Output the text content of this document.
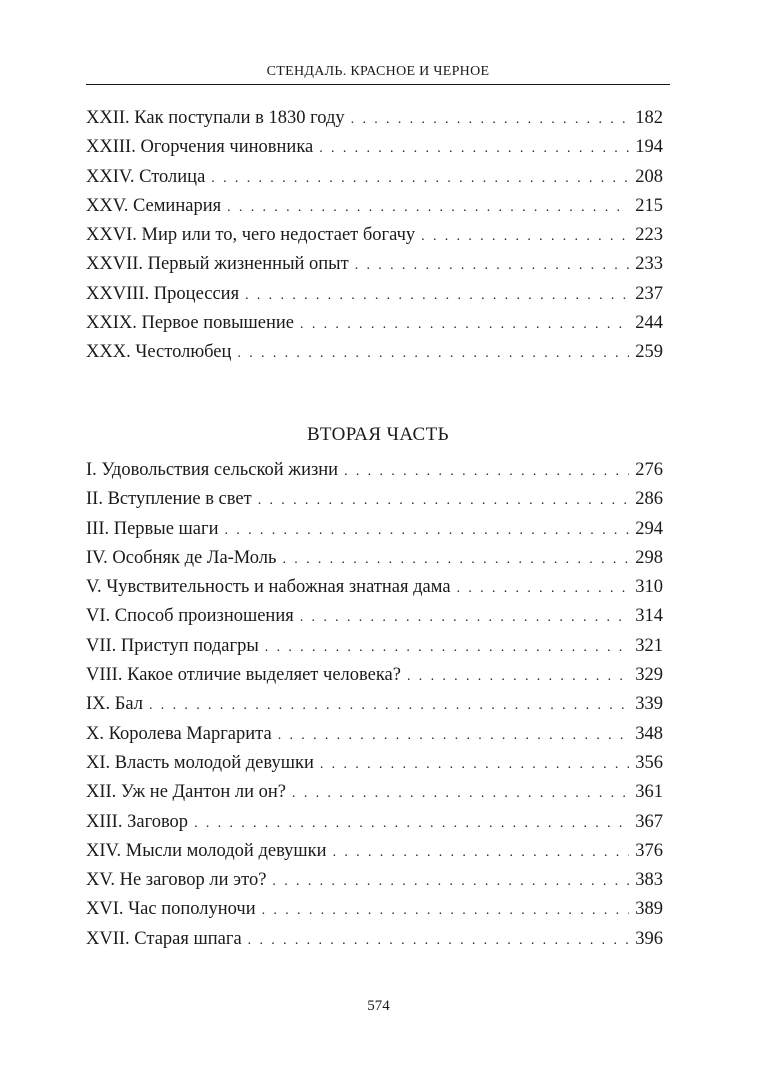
СТЕНДАЛЬ. КРАСНОЕ И ЧЕРНОЕ
XXII. Как поступали в 1830 году . . .	182
XXIII. Огорчения чиновника . . .	194
XXIV. Столица . . .	208
XXV. Семинария . . .	215
XXVI. Мир или то, чего недостает богачу . . .	223
XXVII. Первый жизненный опыт . . .	233
XXVIII. Процессия . . .	237
XXIX. Первое повышение . . .	244
XXX. Честолюбец . . .	259
ВТОРАЯ ЧАСТЬ
I. Удовольствия сельской жизни . . .	276
II. Вступление в свет . . .	286
III. Первые шаги . . .	294
IV. Особняк де Ла-Моль . . .	298
V. Чувствительность и набожная знатная дама . . .	310
VI. Способ произношения . . .	314
VII. Приступ подагры . . .	321
VIII. Какое отличие выделяет человека? . . .	329
IX. Бал . . .	339
X. Королева Маргарита . . .	348
XI. Власть молодой девушки . . .	356
XII. Уж не Дантон ли он? . . .	361
XIII. Заговор . . .	367
XIV. Мысли молодой девушки . . .	376
XV. Не заговор ли это? . . .	383
XVI. Час пополуночи . . .	389
XVII. Старая шпага . . .	396
574
